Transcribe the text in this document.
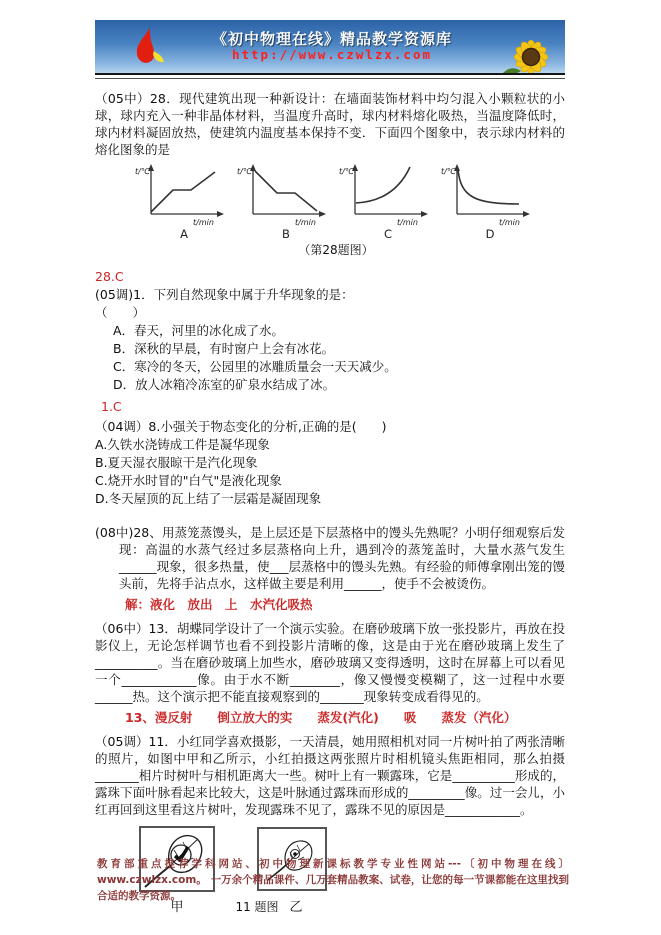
《初中物理在线》精品教学资源库
http://www.czwlzx.com

（05中）28．现代建筑出现一种新设计：在墙面装饰材料中均匀混入小颗粒状的小球，球内充入一种非晶体材料，当温度升高时，球内材料熔化吸热，当温度降低时，球内材料凝固放热，使建筑内温度基本保持不变．下面四个图象中，表示球内材料的熔化图象的是

t/℃
t/min
A
t/℃
t/min
B
t/℃
t/min
C
t/℃
t/min
D
（第28题图）

28.C

(05调)1．下列自然现象中属于升华现象的是：
（　　）
A．春天，河里的冰化成了水。
B．深秋的早晨，有时窗户上会有冰花。
C．寒冷的冬天，公园里的冰雕质量会一天天减少。
D．放人冰箱冷冻室的矿泉水结成了冰。

1.C

（04调）8.小强关于物态变化的分析,正确的是(　　)
A.久铁水浇铸成工件是凝华现象
B.夏天湿衣服晾干是汽化现象
C.烧开水时冒的"白气"是液化现象
D.冬天屋顶的瓦上结了一层霜是凝固现象

(08中)28、用蒸笼蒸馒头，是上层还是下层蒸格中的馒头先熟呢？小明仔细观察后发现：高温的水蒸气经过多层蒸格向上升，遇到冷的蒸笼盖时，大量水蒸气发生______现象，很多热量，使___层蒸格中的馒头先熟。有经验的师傅拿刚出笼的馒头前，先将手沾点水，这样做主要是利用______，使手不会被烫伤。

解：液化　放出　上　水汽化吸热

（06中）13．胡蝶同学设计了一个演示实验。在磨砂玻璃下放一张投影片，再放在投影仪上，无论怎样调节也看不到投影片清晰的像，这是由于光在磨砂玻璃上发生了__________。当在磨砂玻璃上加些水，磨砂玻璃又变得透明，这时在屏幕上可以看见一个____________像。由于水不断________，像又慢慢变模糊了，这一过程中水要______热。这个演示把不能直接观察到的_______现象转变成看得见的。

13、漫反射　　倒立放大的实　　蒸发(汽化)　　吸　　蒸发（汽化）

（05调）11．小红同学喜欢摄影，一天清晨，她用照相机对同一片树叶拍了两张清晰的照片，如图中甲和乙所示，小红拍摄这两张照片时相机镜头焦距相同，那么拍摄_______相片时树叶与相机距离大一些。树叶上有一颗露珠，它是__________形成的，露珠下面叶脉看起来比较大，这是叶脉通过露珠而形成的_________像。过一会儿，小红再回到这里看这片树叶，发现露珠不见了，露珠不见的原因是____________。

甲	11 题图 乙
教育部重点推荐学科网站、初中物理新课标教学专业性网站---〔初中物理在线〕www.czwlzx.com。 一万余个精品课件、几万套精品教案、试卷，让您的每一节课都能在这里找到合适的教学资源。
